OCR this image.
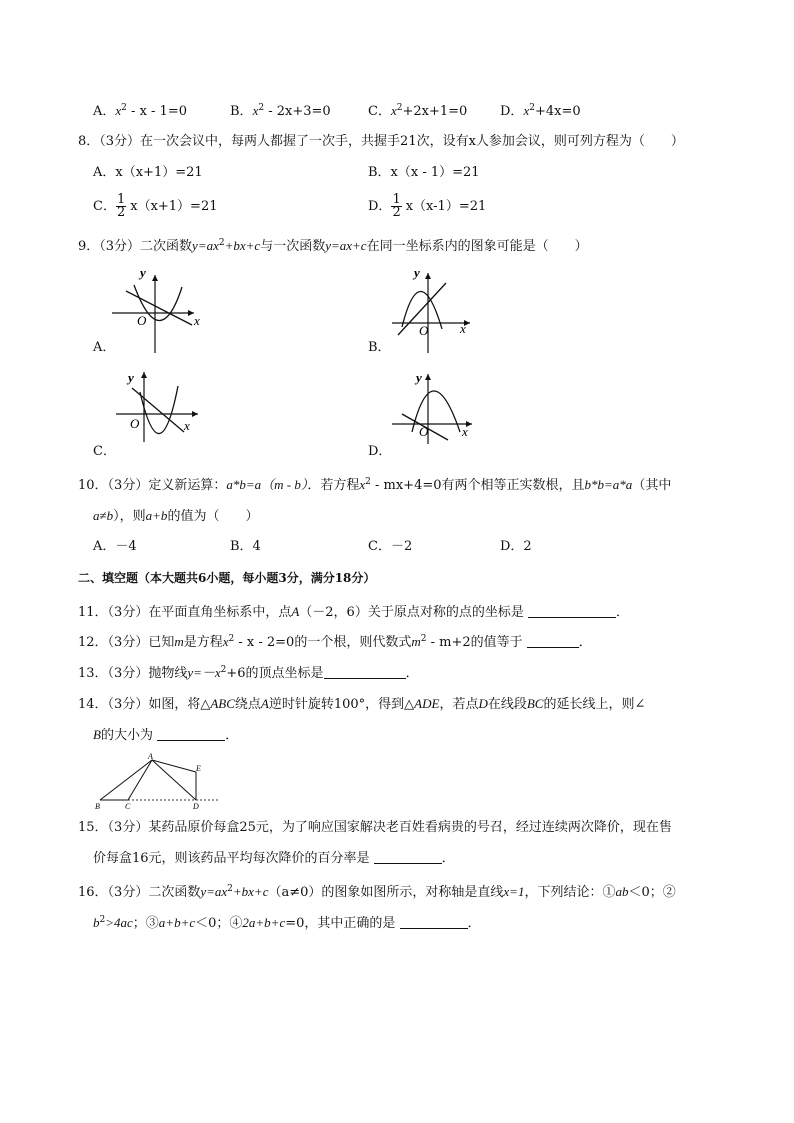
A．$x^2 - x - 1=0$	B．$x^2 - 2x+3=0$	C．$x^2+2x+1=0$	D．$x^2+4x=0$
8．（3分）在一次会议中，每两人都握了一次手，共握手21次，设有x人参加会议，则可列方程为（　　）
A．x（x+1）=21	B．x（x - 1）=21
C． $\frac{1}{2} x(x+1)=21$	D． $\frac{1}{2} x(x-1)=21$
9．（3分）二次函数$y=ax^2+bx+c$与一次函数y=ax+c在同一坐标系内的图象可能是（　　）
y
x
O
A．
y
x
O
B．
y
x
O
C．
y
x
O
D．
10．（3分）定义新运算：a*b=a（m - b）．若方程$x^2 - mx+4=0$有两个相等正实数根，且b*b=a*a（其中
a≠b），则a+b的值为（　　）
A．－4	B．4	C．－2	D．2
二、填空题（本大题共6小题，每小题3分，满分18分）
11．（3分）在平面直角坐标系中，点A（－2，6）关于原点对称的点的坐标是	．
12．（3分）已知m是方程$x^2 - x - 2=0$的一个根，则代数式$m^2 - m+2$的值等于	．
13．（3分）抛物线$y=-x^2+6$的顶点坐标是	．
14．（3分）如图，将△ABC绕点A逆时针旋转100°，得到△ADE，若点D在线段BC的延长线上，则∠
B的大小为	．
A
B	C	D
E
15．（3分）某药品原价每盒25元，为了响应国家解决老百姓看病贵的号召，经过连续两次降价，现在售
价每盒16元，则该药品平均每次降价的百分率是	．
16．（3分）二次函数$y=ax^2+bx+c(a\ne 0)$的图象如图所示，对称轴是直线x=1，下列结论：①ab＜0；②
$b^2>4ac$；③a+b+c＜0；④2a+b+c=0，其中正确的是	．
